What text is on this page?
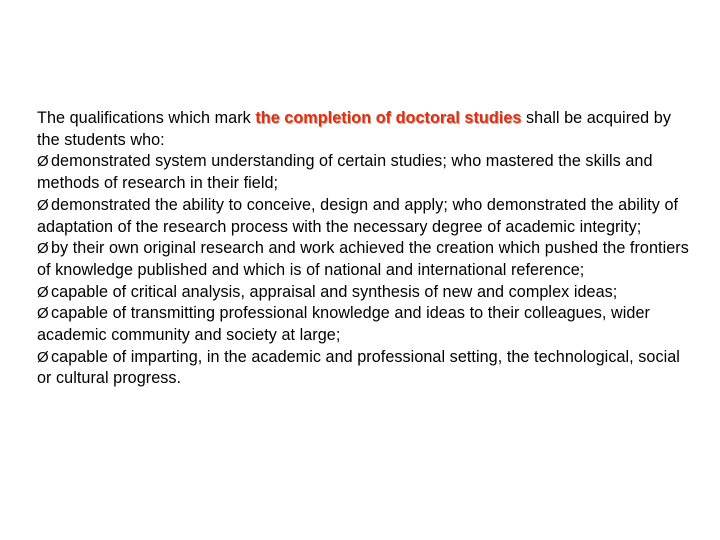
The qualifications which mark the completion of doctoral studies shall be acquired by the students who:

Ø demonstrated system understanding of certain studies; who mastered the skills and methods of research in their field;

Ø demonstrated the ability to conceive, design and apply; who demonstrated the ability of adaptation of the research process with the necessary degree of academic integrity;

Ø by their own original research and work achieved the creation which pushed the frontiers of knowledge published and which is of national and international reference;

Ø capable of critical analysis, appraisal and synthesis of new and complex ideas;

Ø capable of transmitting professional knowledge and ideas to their colleagues, wider academic community and society at large;

Ø capable of imparting, in the academic and professional setting, the technological, social or cultural progress.
